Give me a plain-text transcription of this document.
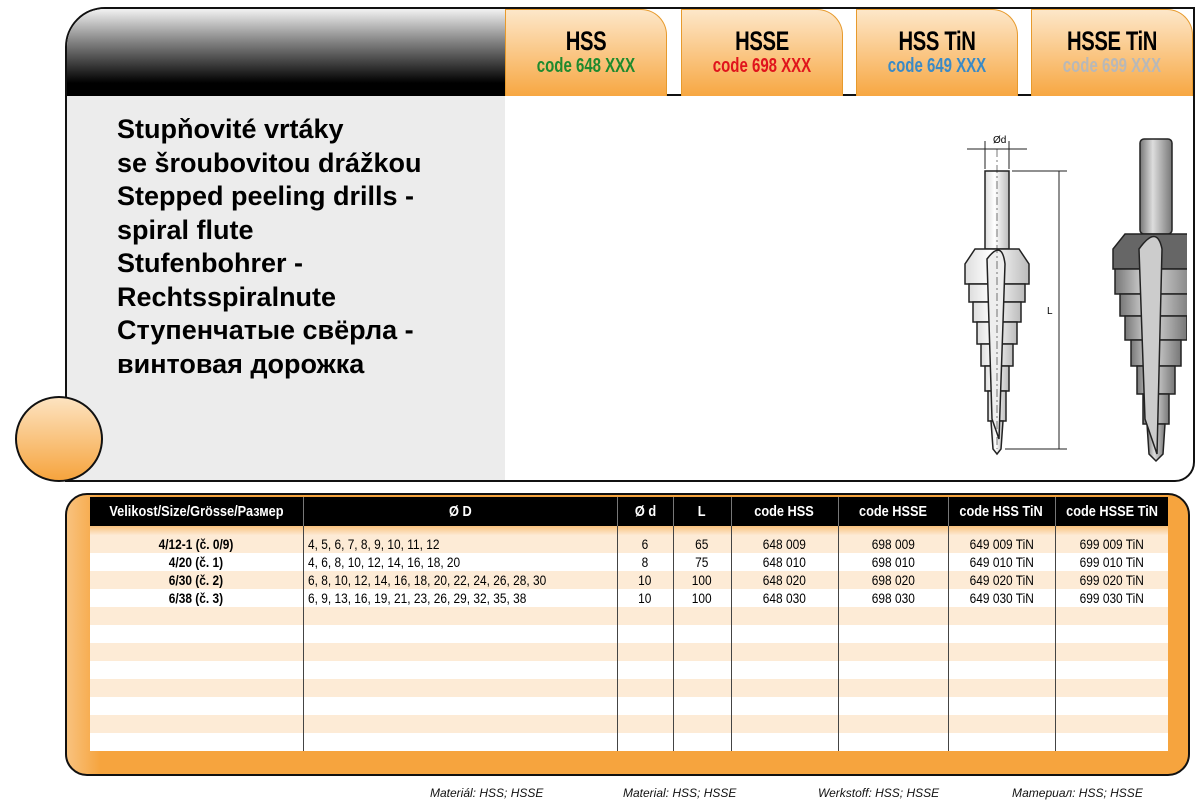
HSS
code 648 XXX
HSSE
code 698 XXX
HSS TiN
code 649 XXX
HSSE TiN
code 699 XXX
Stupňovité vrtáky
se šroubovitou drážkou
Stepped peeling drills -
spiral flute
Stufenbohrer -
Rechtsspiralnute
Ступенчатые свёрла -
винтовая дорожка
Ød
L
Velikost/Size/Grösse/Размер	Ø D	Ø d	L	code HSS	code HSSE	code HSS TiN	code HSSE TiN

4/12-1 (č. 0/9)	4, 5, 6, 7, 8, 9, 10, 11, 12	6	65	648 009	698 009	649 009 TiN	699 009 TiN
4/20 (č. 1)	4, 6, 8, 10, 12, 14, 16, 18, 20	8	75	648 010	698 010	649 010 TiN	699 010 TiN
6/30 (č. 2)	6, 8, 10, 12, 14, 16, 18, 20, 22, 24, 26, 28, 30	10	100	648 020	698 020	649 020 TiN	699 020 TiN
6/38 (č. 3)	6, 9, 13, 16, 19, 21, 23, 26, 29, 32, 35, 38	10	100	648 030	698 030	649 030 TiN	699 030 TiN

Materiál: HSS; HSSE	Material: HSS; HSSE	Werkstoff: HSS; HSSE	Материал: HSS; HSSE
